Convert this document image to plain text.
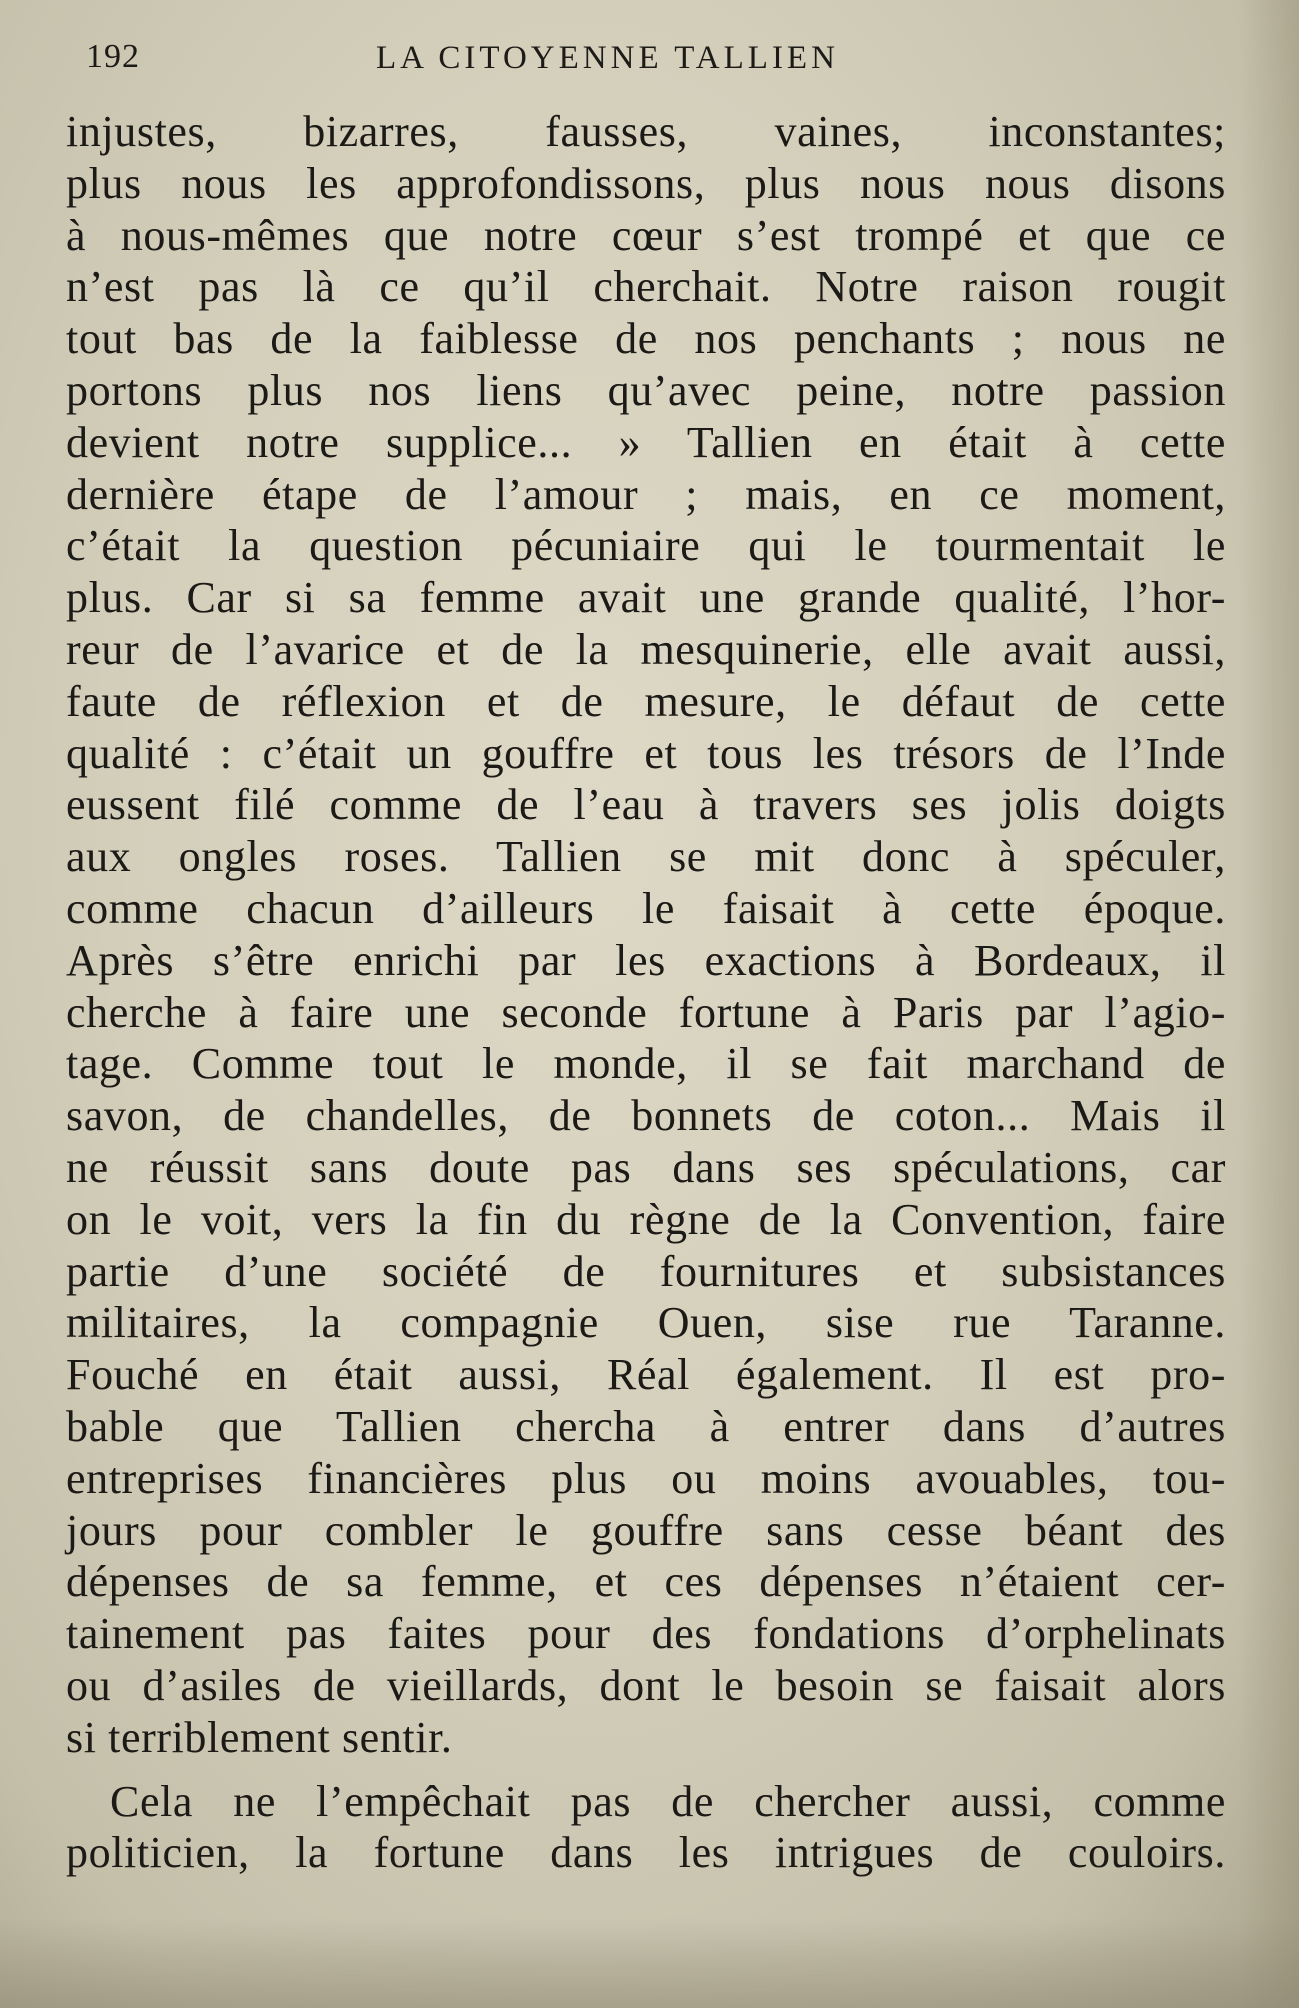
192	LA CITOYENNE TALLIEN
injustes, bizarres, fausses, vaines, inconstantes;
plus nous les approfondissons, plus nous nous disons
à nous-mêmes que notre cœur s’est trompé et que ce
n’est pas là ce qu’il cherchait. Notre raison rougit
tout bas de la faiblesse de nos penchants ; nous ne
portons plus nos liens qu’avec peine, notre passion
devient notre supplice... » Tallien en était à cette
dernière étape de l’amour ; mais, en ce moment,
c’était la question pécuniaire qui le tourmentait le
plus. Car si sa femme avait une grande qualité, l’hor-
reur de l’avarice et de la mesquinerie, elle avait aussi,
faute de réflexion et de mesure, le défaut de cette
qualité : c’était un gouffre et tous les trésors de l’Inde
eussent filé comme de l’eau à travers ses jolis doigts
aux ongles roses. Tallien se mit donc à spéculer,
comme chacun d’ailleurs le faisait à cette époque.
Après s’être enrichi par les exactions à Bordeaux, il
cherche à faire une seconde fortune à Paris par l’agio-
tage. Comme tout le monde, il se fait marchand de
savon, de chandelles, de bonnets de coton... Mais il
ne réussit sans doute pas dans ses spéculations, car
on le voit, vers la fin du règne de la Convention, faire
partie d’une société de fournitures et subsistances
militaires, la compagnie Ouen, sise rue Taranne.
Fouché en était aussi, Réal également. Il est pro-
bable que Tallien chercha à entrer dans d’autres
entreprises financières plus ou moins avouables, tou-
jours pour combler le gouffre sans cesse béant des
dépenses de sa femme, et ces dépenses n’étaient cer-
tainement pas faites pour des fondations d’orphelinats
ou d’asiles de vieillards, dont le besoin se faisait alors
si terriblement sentir.
Cela ne l’empêchait pas de chercher aussi, comme
politicien, la fortune dans les intrigues de couloirs.
